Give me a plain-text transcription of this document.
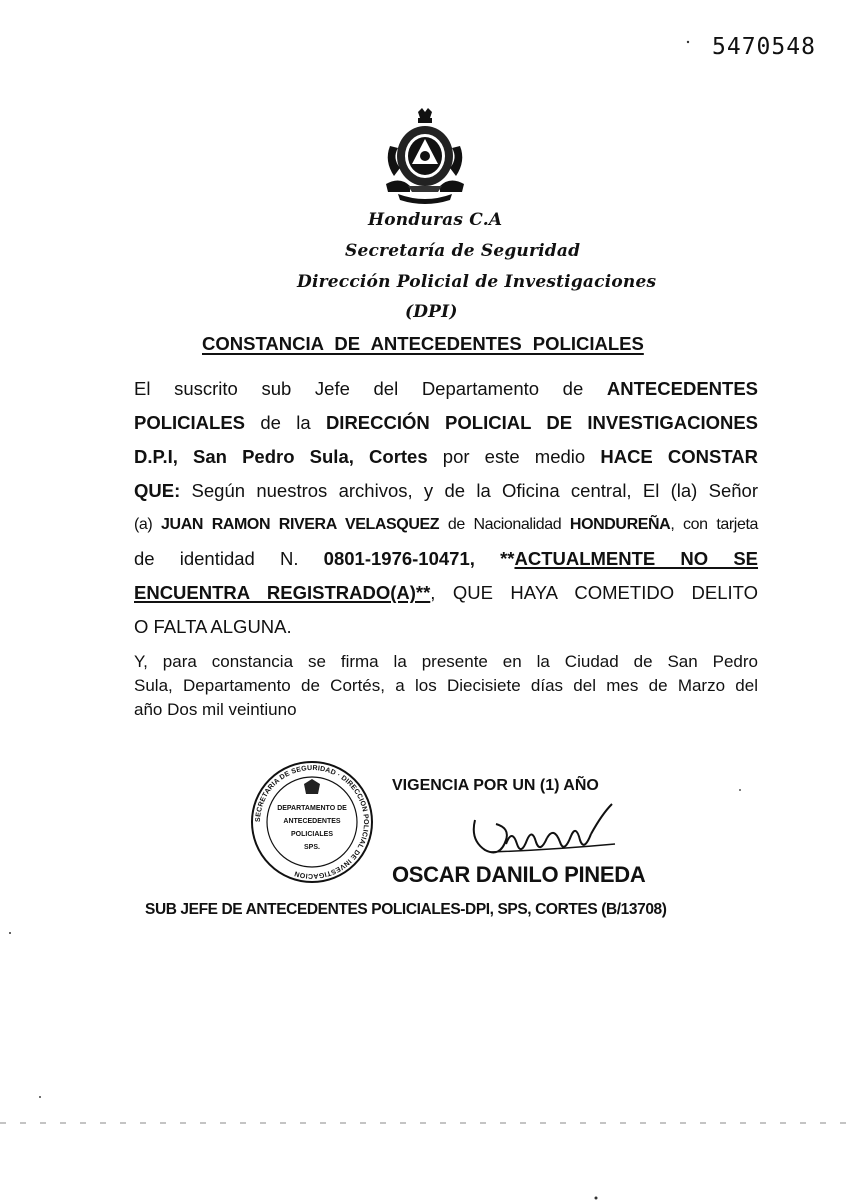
5470548
Honduras C.A
Secretaría de Seguridad
Dirección Policial de Investigaciones
(DPI)
CONSTANCIA DE ANTECEDENTES POLICIALES
El suscrito sub Jefe del Departamento de ANTECEDENTES
POLICIALES de la DIRECCIÓN POLICIAL DE INVESTIGACIONES
D.P.I, San Pedro Sula, Cortes por este medio HACE CONSTAR
QUE: Según nuestros archivos, y de la Oficina central, El (la) Señor
(a) JUAN RAMON RIVERA VELASQUEZ de Nacionalidad HONDUREÑA, con tarjeta
de identidad N. 0801-1976-10471, **ACTUALMENTE NO SE
ENCUENTRA REGISTRADO(A)**, QUE HAYA COMETIDO DELITO
O FALTA ALGUNA.
Y, para constancia se firma la presente en la Ciudad de San Pedro
Sula, Departamento de Cortés, a los Diecisiete días del mes de Marzo del
año Dos mil veintiuno
SECRETARIA DE SEGURIDAD · DIRECCION POLICIAL DE INVESTIGACION
DEPARTAMENTO DE
ANTECEDENTES
POLICIALES
SPS.
VIGENCIA POR UN (1) AÑO
OSCAR DANILO PINEDA
SUB JEFE DE ANTECEDENTES POLICIALES-DPI, SPS, CORTES (B/13708)
